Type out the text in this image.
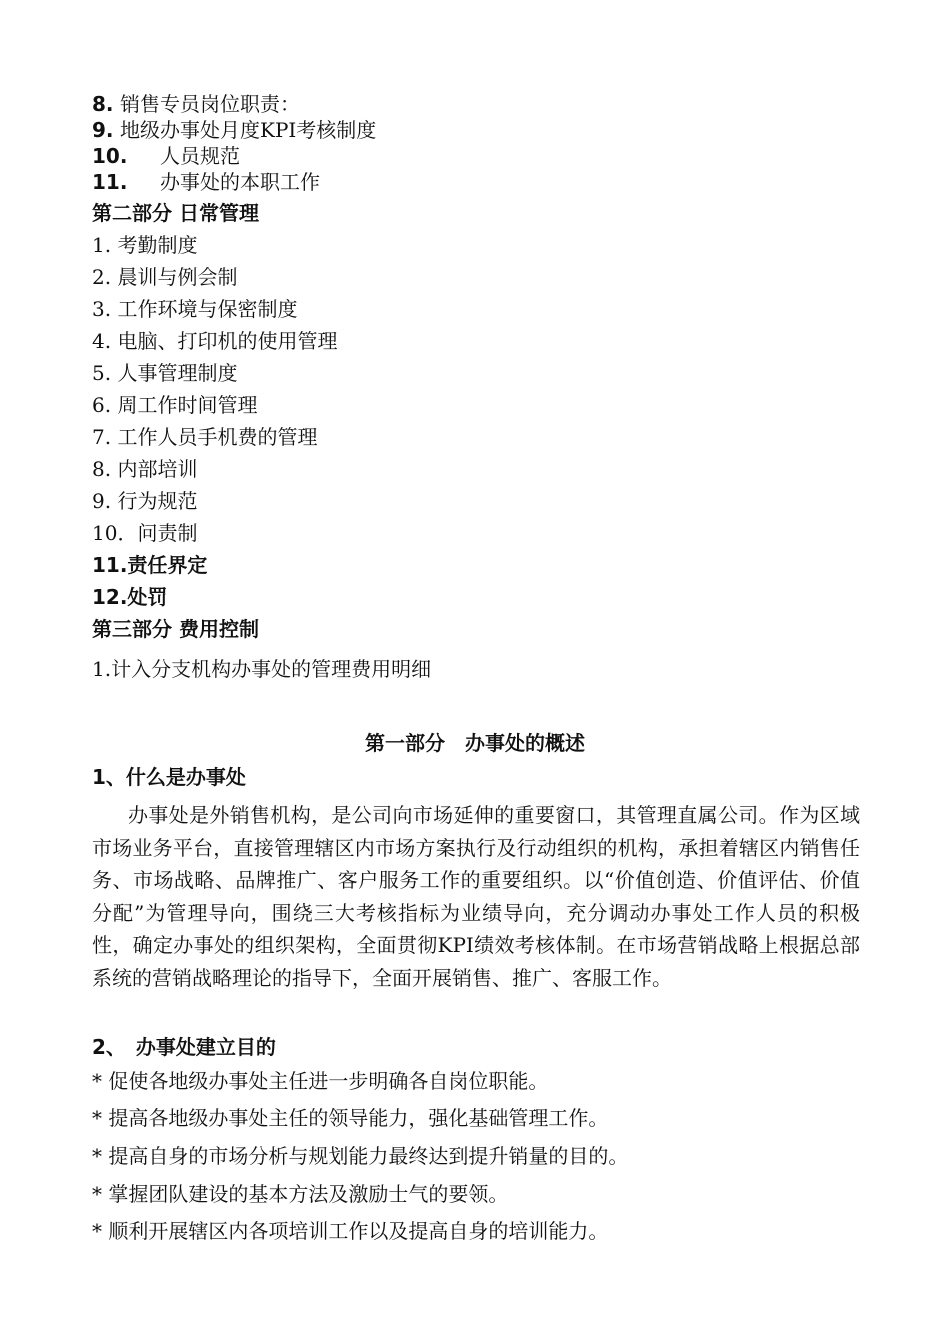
8. 销售专员岗位职责：
9. 地级办事处月度KPI考核制度
10. 人员规范
11. 办事处的本职工作
第二部分 日常管理
1. 考勤制度
2. 晨训与例会制
3. 工作环境与保密制度
4. 电脑、打印机的使用管理
5. 人事管理制度
6. 周工作时间管理
7. 工作人员手机费的管理
8. 内部培训
9. 行为规范
10．问责制
11.责任界定
12.处罚
第三部分 费用控制
1.计入分支机构办事处的管理费用明细
第一部分　办事处的概述
1、什么是办事处
办事处是外销售机构，是公司向市场延伸的重要窗口，其管理直属公司。作为区域市场业务平台，直接管理辖区内市场方案执行及行动组织的机构，承担着辖区内销售任务、市场战略、品牌推广、客户服务工作的重要组织。以“价值创造、价值评估、价值分配”为管理导向，围绕三大考核指标为业绩导向，充分调动办事处工作人员的积极性，确定办事处的组织架构，全面贯彻KPI绩效考核体制。在市场营销战略上根据总部系统的营销战略理论的指导下，全面开展销售、推广、客服工作。
2、　办事处建立目的
* 促使各地级办事处主任进一步明确各自岗位职能。
* 提高各地级办事处主任的领导能力，强化基础管理工作。
* 提高自身的市场分析与规划能力最终达到提升销量的目的。
* 掌握团队建设的基本方法及激励士气的要领。
* 顺利开展辖区内各项培训工作以及提高自身的培训能力。
